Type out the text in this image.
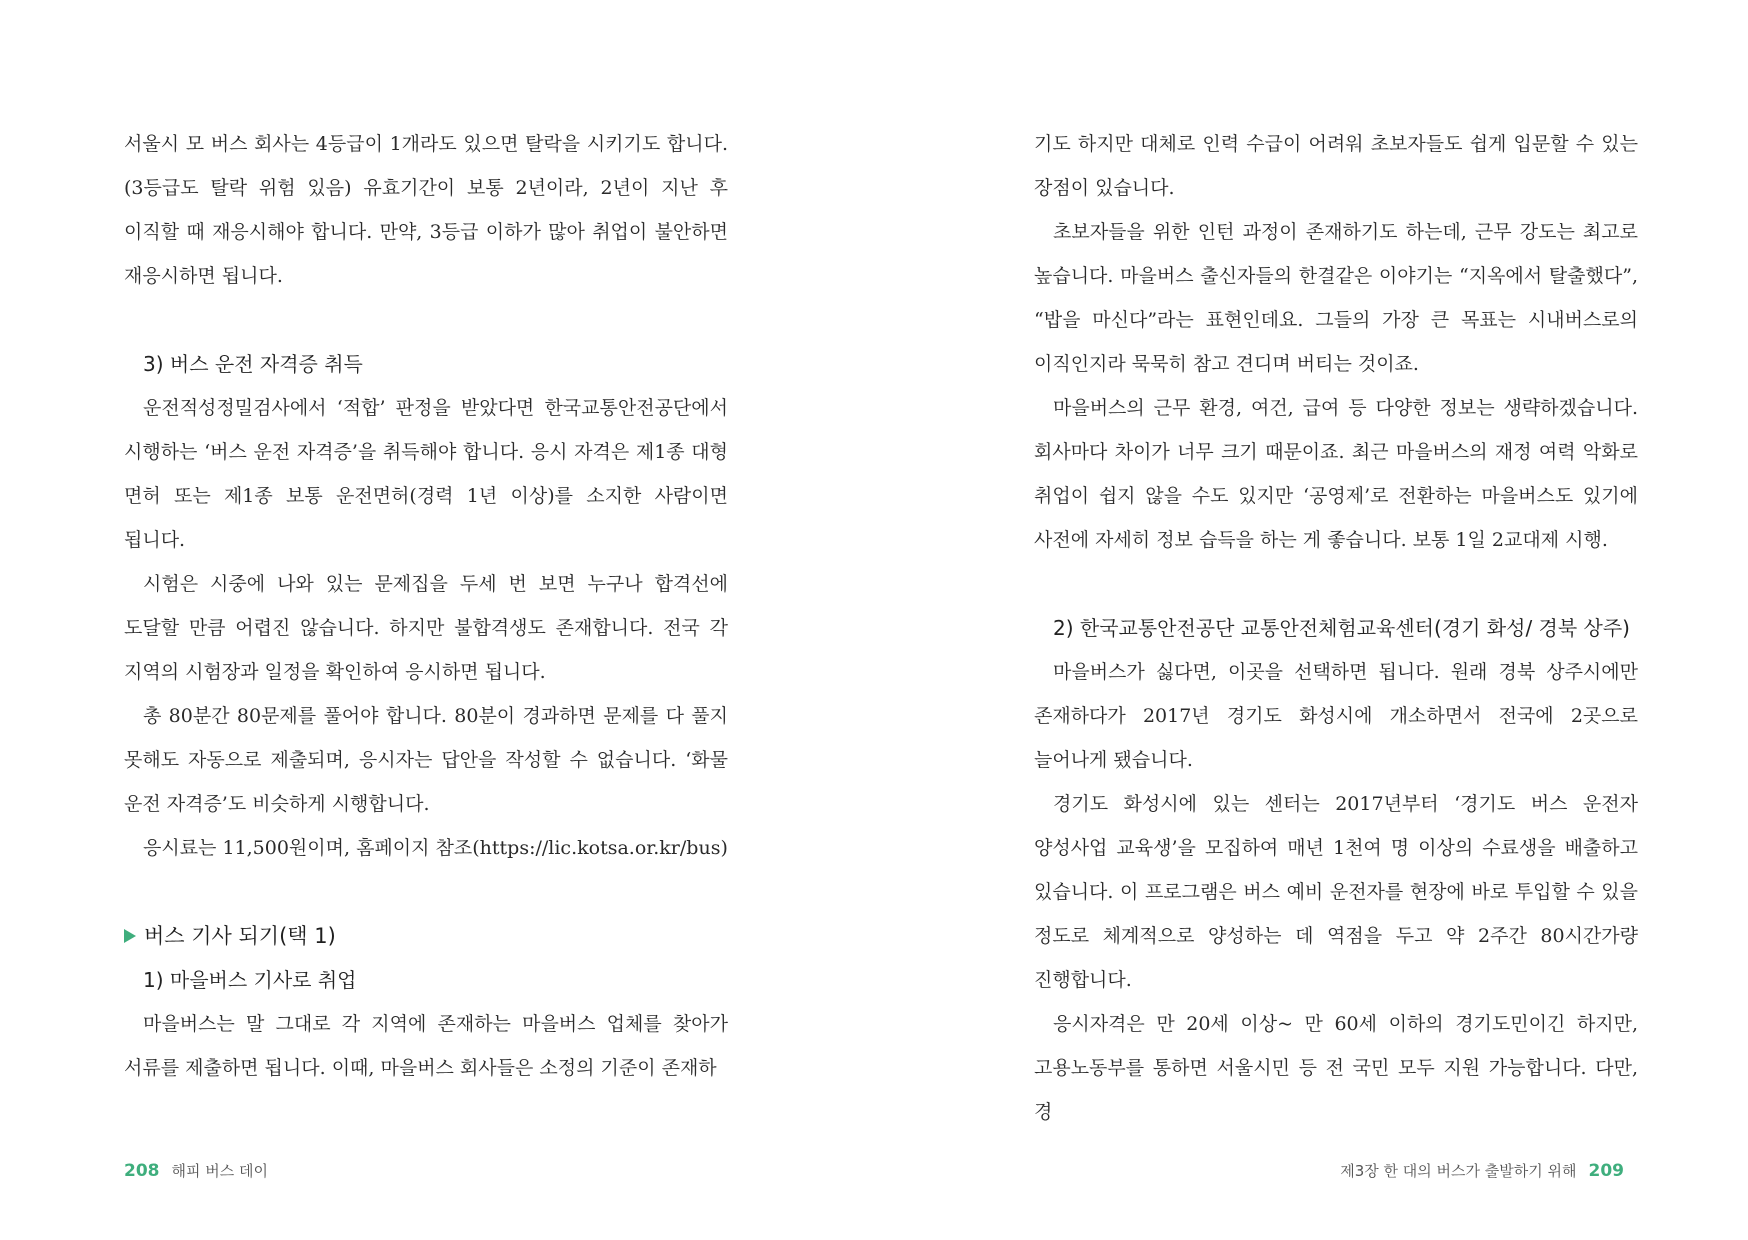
서울시 모 버스 회사는 4등급이 1개라도 있으면 탈락을 시키기도 합니다.(3등급도 탈락 위험 있음) 유효기간이 보통 2년이라, 2년이 지난 후 이직할 때 재응시해야 합니다. 만약, 3등급 이하가 많아 취업이 불안하면 재응시하면 됩니다.

3) 버스 운전 자격증 취득

운전적성정밀검사에서 ‘적합’ 판정을 받았다면 한국교통안전공단에서 시행하는 ‘버스 운전 자격증’을 취득해야 합니다. 응시 자격은 제1종 대형 면허 또는 제1종 보통 운전면허(경력 1년 이상)를 소지한 사람이면 됩니다.

시험은 시중에 나와 있는 문제집을 두세 번 보면 누구나 합격선에 도달할 만큼 어렵진 않습니다. 하지만 불합격생도 존재합니다. 전국 각 지역의 시험장과 일정을 확인하여 응시하면 됩니다.

총 80분간 80문제를 풀어야 합니다. 80분이 경과하면 문제를 다 풀지 못해도 자동으로 제출되며, 응시자는 답안을 작성할 수 없습니다. ‘화물 운전 자격증’도 비슷하게 시행합니다.

응시료는 11,500원이며, 홈페이지 참조(https://lic.kotsa.or.kr/bus)

버스 기사 되기(택 1)

1) 마을버스 기사로 취업

마을버스는 말 그대로 각 지역에 존재하는 마을버스 업체를 찾아가 서류를 제출하면 됩니다. 이때, 마을버스 회사들은 소정의 기준이 존재하

208 해피 버스 데이

기도 하지만 대체로 인력 수급이 어려워 초보자들도 쉽게 입문할 수 있는 장점이 있습니다.

초보자들을 위한 인턴 과정이 존재하기도 하는데, 근무 강도는 최고로 높습니다. 마을버스 출신자들의 한결같은 이야기는 “지옥에서 탈출했다”, “밥을 마신다”라는 표현인데요. 그들의 가장 큰 목표는 시내버스로의 이직인지라 묵묵히 참고 견디며 버티는 것이죠.

마을버스의 근무 환경, 여건, 급여 등 다양한 정보는 생략하겠습니다. 회사마다 차이가 너무 크기 때문이죠. 최근 마을버스의 재정 여력 악화로 취업이 쉽지 않을 수도 있지만 ‘공영제’로 전환하는 마을버스도 있기에 사전에 자세히 정보 습득을 하는 게 좋습니다. 보통 1일 2교대제 시행.

2) 한국교통안전공단 교통안전체험교육센터(경기 화성/ 경북 상주)

마을버스가 싫다면, 이곳을 선택하면 됩니다. 원래 경북 상주시에만 존재하다가 2017년 경기도 화성시에 개소하면서 전국에 2곳으로 늘어나게 됐습니다.

경기도 화성시에 있는 센터는 2017년부터 ‘경기도 버스 운전자 양성사업 교육생’을 모집하여 매년 1천여 명 이상의 수료생을 배출하고 있습니다. 이 프로그램은 버스 예비 운전자를 현장에 바로 투입할 수 있을 정도로 체계적으로 양성하는 데 역점을 두고 약 2주간 80시간가량 진행합니다.

응시자격은 만 20세 이상~ 만 60세 이하의 경기도민이긴 하지만, 고용노동부를 통하면 서울시민 등 전 국민 모두 지원 가능합니다. 다만, 경

제3장 한 대의 버스가 출발하기 위해 209
